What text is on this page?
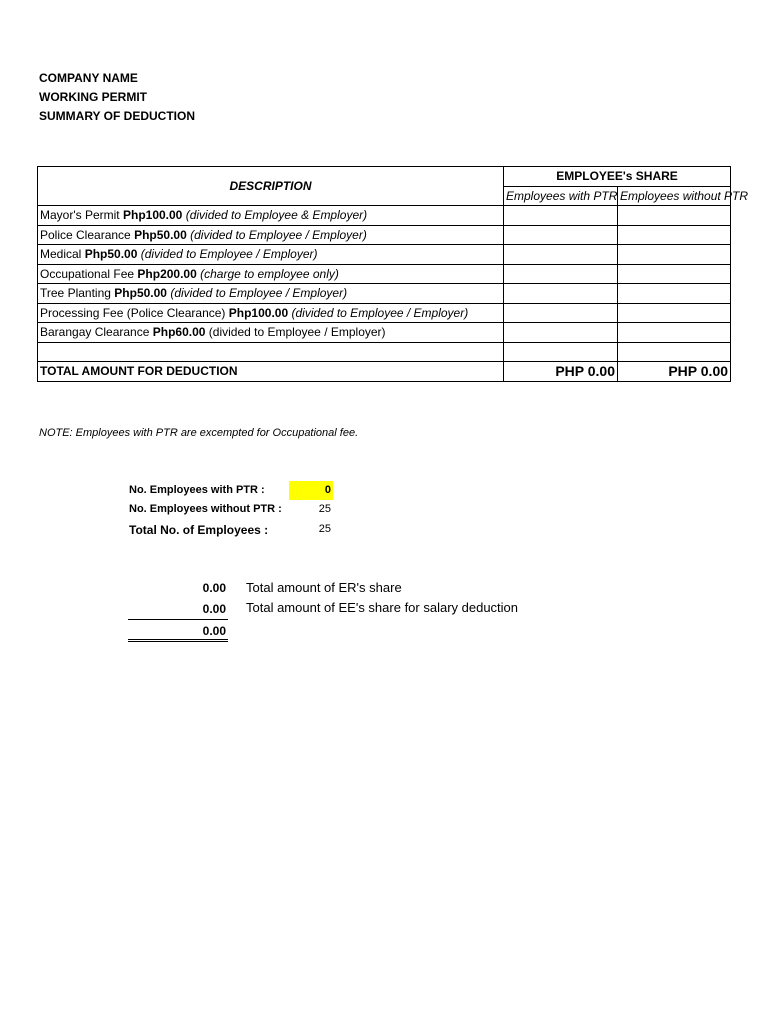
COMPANY NAME
WORKING PERMIT
SUMMARY OF DEDUCTION
DESCRIPTION	EMPLOYEE's SHARE	
	Employees with PTR	Employees without PTR
Mayor's Permit Php100.00 (divided to Employee & Employer)		
Police Clearance Php50.00 (divided to Employee / Employer)		
Medical Php50.00 (divided to Employee / Employer)		
Occupational Fee Php200.00 (charge to employee only)		
Tree Planting Php50.00 (divided to Employee / Employer)		
Processing Fee (Police Clearance) Php100.00 (divided to Employee / Employer)		
Barangay Clearance Php60.00 (divided to Employee / Employer)		

TOTAL AMOUNT FOR DEDUCTION	PHP 0.00	PHP 0.00
NOTE: Employees with PTR are excempted for Occupational fee.
No. Employees with PTR :	0
No. Employees without PTR :	25
Total No. of Employees :	25
0.00 Total amount of ER's share
0.00 Total amount of EE's share for salary deduction
0.00
